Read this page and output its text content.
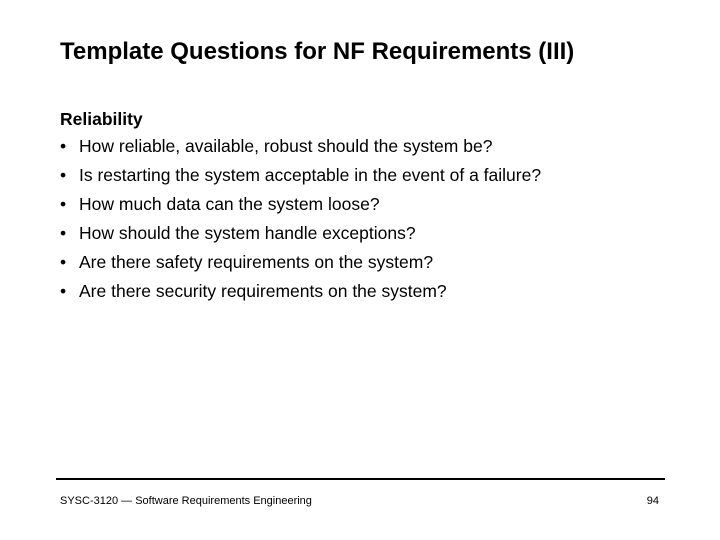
Template Questions for NF Requirements (III)
Reliability
• How reliable, available, robust should the system be?
• Is restarting the system acceptable in the event of a failure?
• How much data can the system loose?
• How should the system handle exceptions?
• Are there safety requirements on the system?
• Are there security requirements on the system?
SYSC-3120 — Software Requirements Engineering	94
